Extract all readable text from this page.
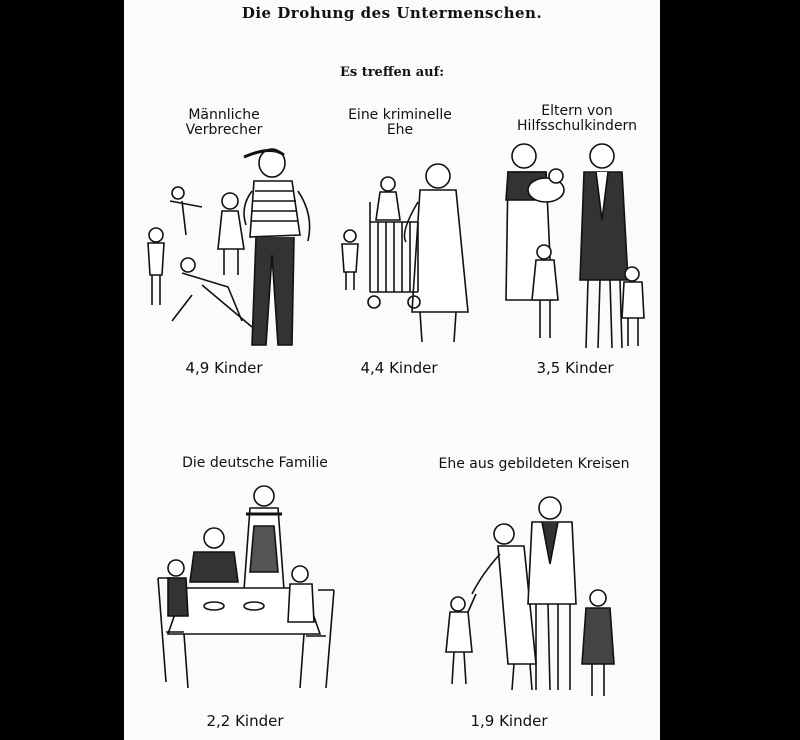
Die Drohung des Untermenschen.
Es treffen auf:
Männliche
Verbrecher
4,9 Kinder
Eine kriminelle
Ehe
4,4 Kinder
Eltern von
Hilfsschulkindern
3,5 Kinder
Die deutsche Familie
2,2 Kinder
Ehe aus gebildeten Kreisen
1,9 Kinder
